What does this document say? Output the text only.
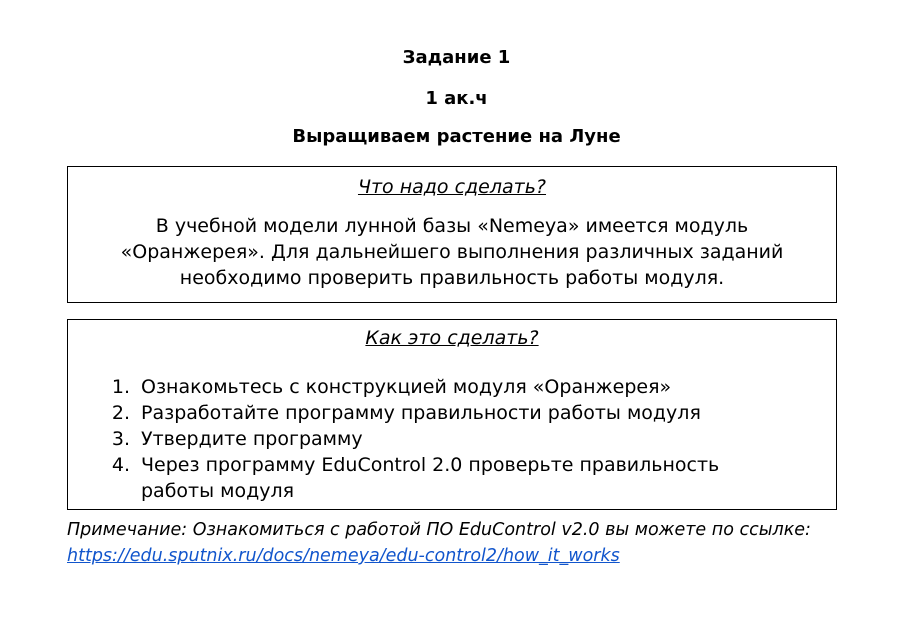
Задание 1
1 ак.ч
Выращиваем растение на Луне

Что надо сделать?

В учебной модели лунной базы «Nemeya» имеется модуль «Оранжерея». Для дальнейшего выполнения различных заданий необходимо проверить правильность работы модуля.

Как это сделать?

1. Ознакомьтесь с конструкцией модуля «Оранжерея»
2. Разработайте программу правильности работы модуля
3. Утвердите программу
4. Через программу EduControl 2.0 проверьте правильность работы модуля

Примечание: Ознакомиться с работой ПО EduControl v2.0 вы можете по ссылке: https://edu.sputnix.ru/docs/nemeya/edu-control2/how_it_works
